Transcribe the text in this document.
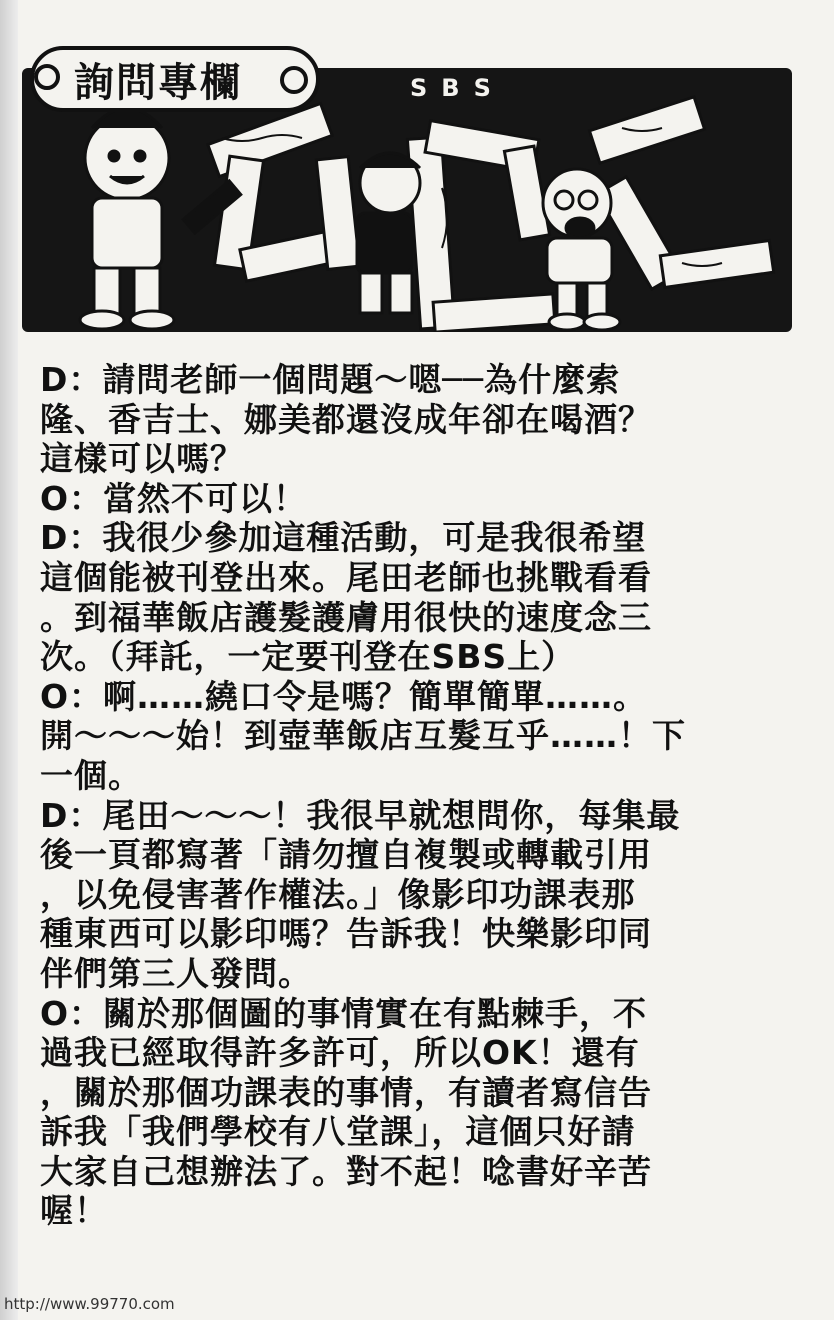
詢問專欄	SBS
D：請問老師一個問題～嗯──為什麼索
隆、香吉士、娜美都還沒成年卻在喝酒？
這樣可以嗎？
O：當然不可以！
D：我很少參加這種活動，可是我很希望
這個能被刊登出來。尾田老師也挑戰看看
。到福華飯店護髮護膚用很快的速度念三
次。（拜託，一定要刊登在SBS上）
O：啊……繞口令是嗎？簡單簡單……。
開～～～始！到壺華飯店互髮互乎……！下
一個。
D：尾田～～～！我很早就想問你，每集最
後一頁都寫著「請勿擅自複製或轉載引用
，以免侵害著作權法。」像影印功課表那
種東西可以影印嗎？告訴我！快樂影印同
伴們第三人發問。
O：關於那個圖的事情實在有點棘手，不
過我已經取得許多許可，所以OK！還有
，關於那個功課表的事情，有讀者寫信告
訴我「我們學校有八堂課」，這個只好請
大家自己想辦法了。對不起！唸書好辛苦
喔！
http://www.99770.com
